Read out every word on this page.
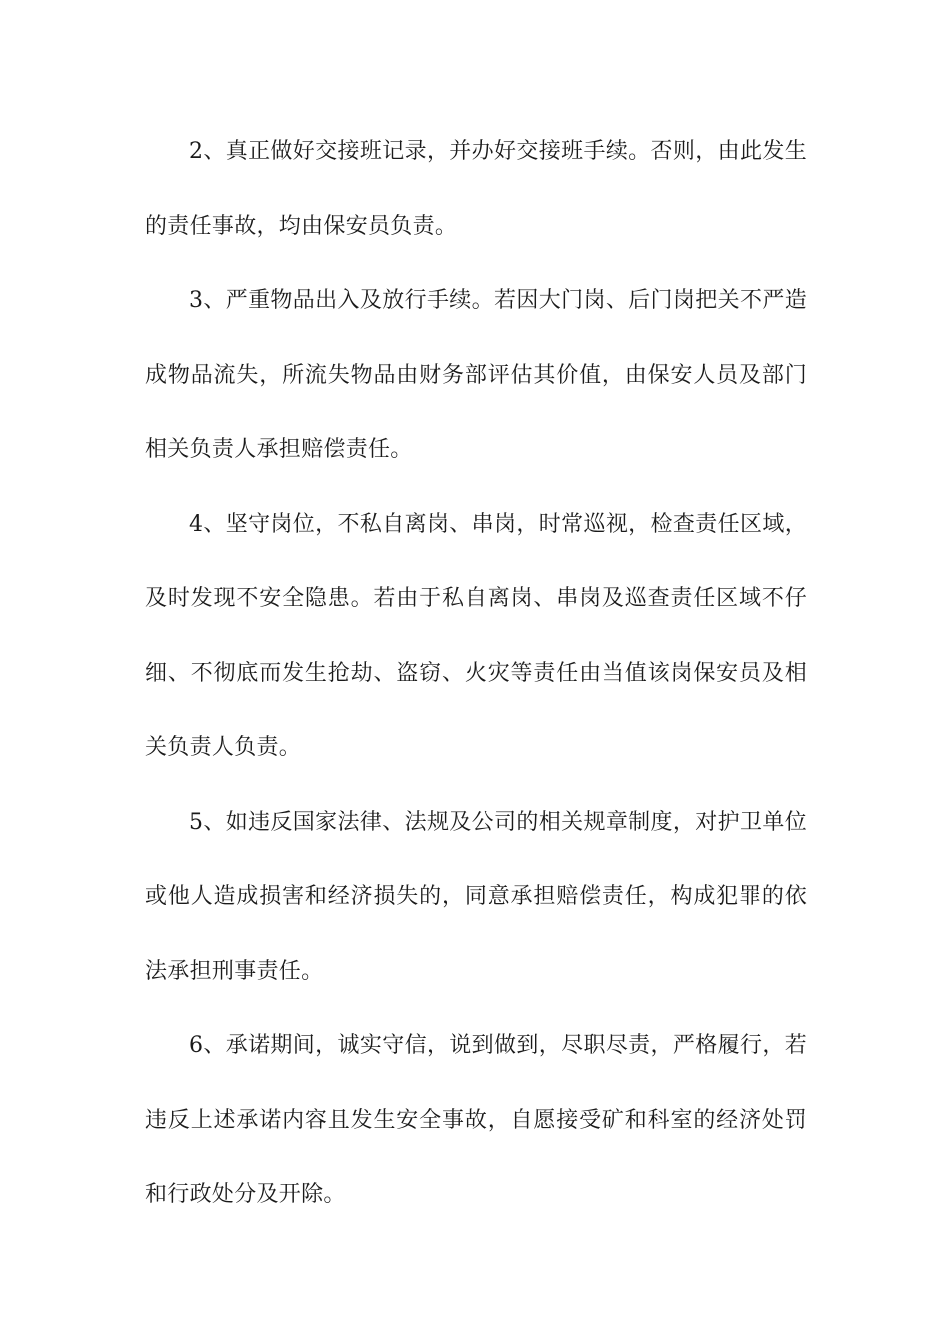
2、真正做好交接班记录，并办好交接班手续。否则，由此发生的责任事故，均由保安员负责。

3、严重物品出入及放行手续。若因大门岗、后门岗把关不严造成物品流失，所流失物品由财务部评估其价值，由保安人员及部门相关负责人承担赔偿责任。

4、坚守岗位，不私自离岗、串岗，时常巡视，检查责任区域，及时发现不安全隐患。若由于私自离岗、串岗及巡查责任区域不仔细、不彻底而发生抢劫、盗窃、火灾等责任由当值该岗保安员及相关负责人负责。

5、如违反国家法律、法规及公司的相关规章制度，对护卫单位或他人造成损害和经济损失的，同意承担赔偿责任，构成犯罪的依法承担刑事责任。

6、承诺期间，诚实守信，说到做到，尽职尽责，严格履行，若违反上述承诺内容且发生安全事故，自愿接受矿和科室的经济处罚和行政处分及开除。
